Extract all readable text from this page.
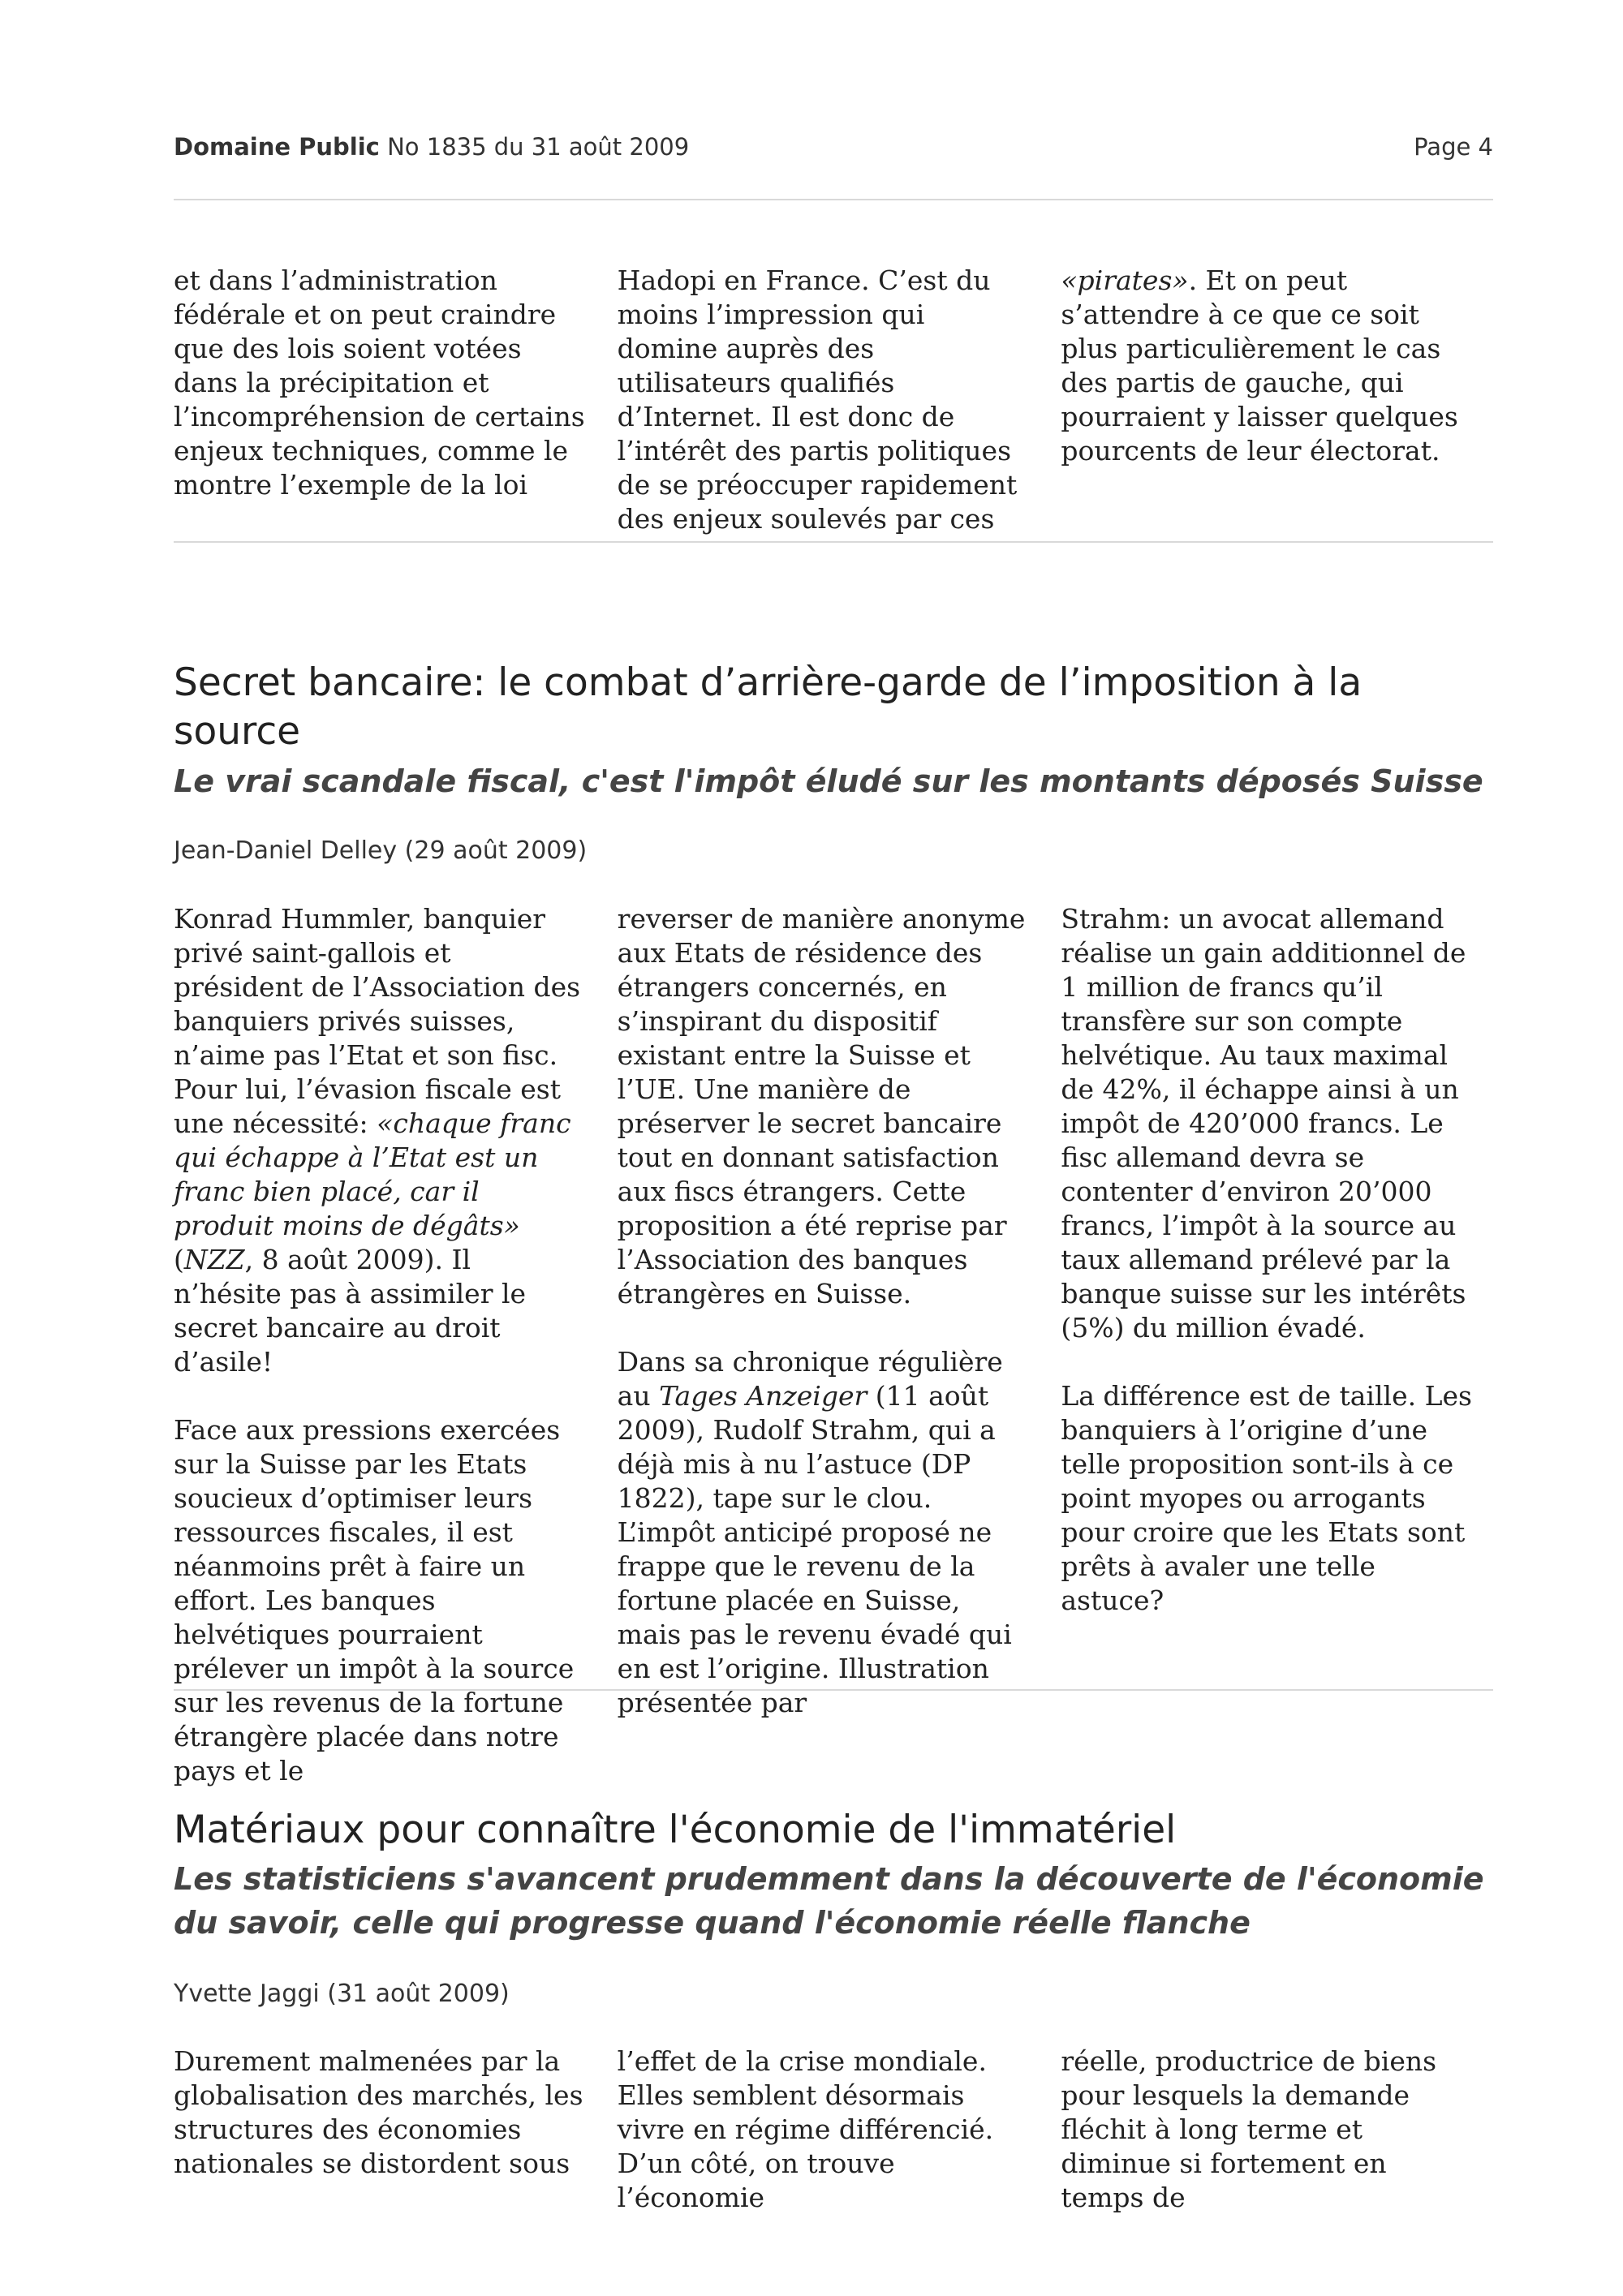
Domaine Public No 1835 du 31 août 2009	Page 4

et dans l’administration fédérale et on peut craindre que des lois soient votées dans la précipitation et l’incompréhension de certains enjeux techniques, comme le montre l’exemple de la loi

Hadopi en France. C’est du moins l’impression qui domine auprès des utilisateurs qualifiés d’Internet. Il est donc de l’intérêt des partis politiques de se préoccuper rapidement des enjeux soulevés par ces

«pirates». Et on peut s’attendre à ce que ce soit plus particulièrement le cas des partis de gauche, qui pourraient y laisser quelques pourcents de leur électorat.

Secret bancaire: le combat d’arrière-garde de l’imposition à la source
Le vrai scandale fiscal, c'est l'impôt éludé sur les montants déposés Suisse
Jean-Daniel Delley (29 août 2009)

Konrad Hummler, banquier privé saint-gallois et président de l’Association des banquiers privés suisses, n’aime pas l’Etat et son fisc. Pour lui, l’évasion fiscale est une nécessité: «chaque franc qui échappe à l’Etat est un franc bien placé, car il produit moins de dégâts» (NZZ, 8 août 2009). Il n’hésite pas à assimiler le secret bancaire au droit d’asile!

Face aux pressions exercées sur la Suisse par les Etats soucieux d’optimiser leurs ressources fiscales, il est néanmoins prêt à faire un effort. Les banques helvétiques pourraient prélever un impôt à la source sur les revenus de la fortune étrangère placée dans notre pays et le

reverser de manière anonyme aux Etats de résidence des étrangers concernés, en s’inspirant du dispositif existant entre la Suisse et l’UE. Une manière de préserver le secret bancaire tout en donnant satisfaction aux fiscs étrangers. Cette proposition a été reprise par l’Association des banques étrangères en Suisse.

Dans sa chronique régulière au Tages Anzeiger (11 août 2009), Rudolf Strahm, qui a déjà mis à nu l’astuce (DP 1822), tape sur le clou. L’impôt anticipé proposé ne frappe que le revenu de la fortune placée en Suisse, mais pas le revenu évadé qui en est l’origine. Illustration présentée par

Strahm: un avocat allemand réalise un gain additionnel de 1 million de francs qu’il transfère sur son compte helvétique. Au taux maximal de 42%, il échappe ainsi à un impôt de 420’000 francs. Le fisc allemand devra se contenter d’environ 20’000 francs, l’impôt à la source au taux allemand prélevé par la banque suisse sur les intérêts (5%) du million évadé.

La différence est de taille. Les banquiers à l’origine d’une telle proposition sont-ils à ce point myopes ou arrogants pour croire que les Etats sont prêts à avaler une telle astuce?

Matériaux pour connaître l'économie de l'immatériel
Les statisticiens s'avancent prudemment dans la découverte de l'économie du savoir, celle qui progresse quand l'économie réelle flanche
Yvette Jaggi (31 août 2009)

Durement malmenées par la globalisation des marchés, les structures des économies nationales se distordent sous

l’effet de la crise mondiale. Elles semblent désormais vivre en régime différencié. D’un côté, on trouve l’économie

réelle, productrice de biens pour lesquels la demande fléchit à long terme et diminue si fortement en temps de
